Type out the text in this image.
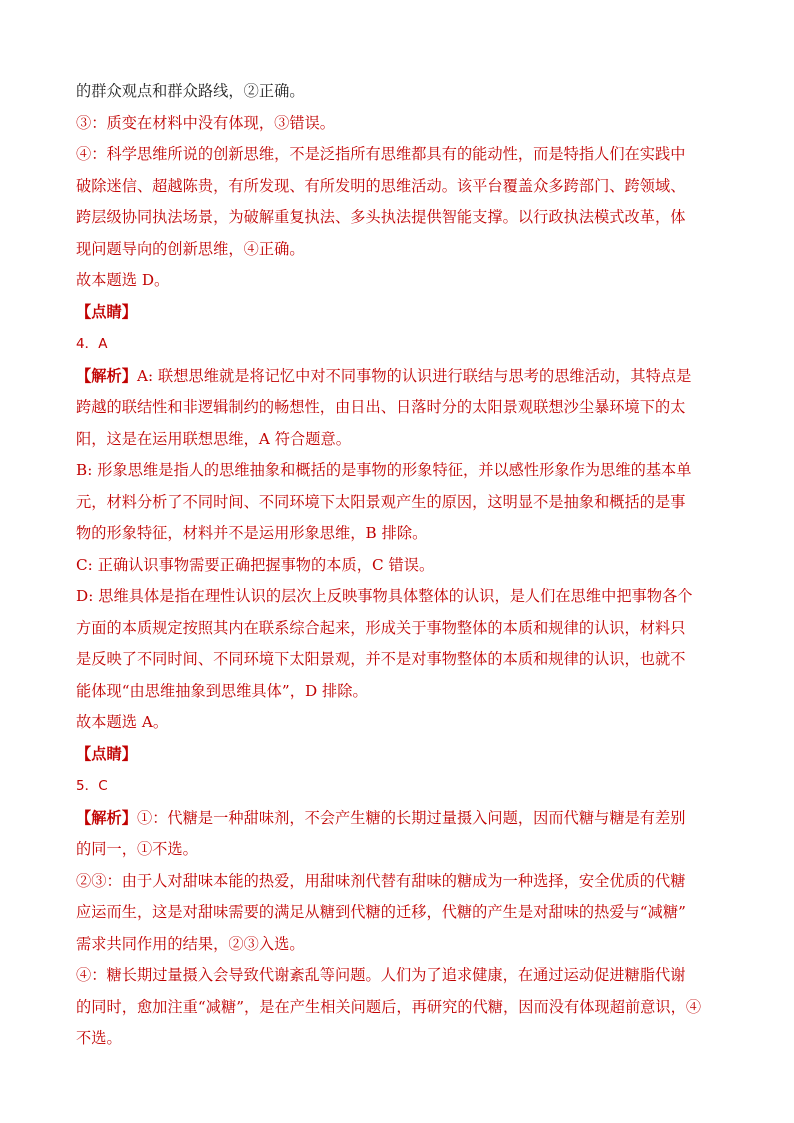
的群众观点和群众路线，②正确。
③：质变在材料中没有体现，③错误。
④：科学思维所说的创新思维，不是泛指所有思维都具有的能动性，而是特指人们在实践中
破除迷信、超越陈贵，有所发现、有所发明的思维活动。该平台覆盖众多跨部门、跨领域、
跨层级协同执法场景，为破解重复执法、多头执法提供智能支撑。以行政执法模式改革，体
现问题导向的创新思维，④正确。
故本题选 D。
【点睛】
4．A
【解析】A: 联想思维就是将记忆中对不同事物的认识进行联结与思考的思维活动，其特点是
跨越的联结性和非逻辑制约的畅想性，由日出、日落时分的太阳景观联想沙尘暴环境下的太
阳，这是在运用联想思维，A 符合题意。
B: 形象思维是指人的思维抽象和概括的是事物的形象特征，并以感性形象作为思维的基本单
元，材料分析了不同时间、不同环境下太阳景观产生的原因，这明显不是抽象和概括的是事
物的形象特征，材料并不是运用形象思维，B 排除。
C: 正确认识事物需要正确把握事物的本质，C 错误。
D: 思维具体是指在理性认识的层次上反映事物具体整体的认识，是人们在思维中把事物各个
方面的本质规定按照其内在联系综合起来，形成关于事物整体的本质和规律的认识，材料只
是反映了不同时间、不同环境下太阳景观，并不是对事物整体的本质和规律的认识，也就不
能体现“由思维抽象到思维具体”，D 排除。
故本题选 A。
【点睛】
5．C
【解析】①：代糖是一种甜味剂，不会产生糖的长期过量摄入问题，因而代糖与糖是有差别
的同一，①不选。
②③：由于人对甜味本能的热爱，用甜味剂代替有甜味的糖成为一种选择，安全优质的代糖
应运而生，这是对甜味需要的满足从糖到代糖的迁移，代糖的产生是对甜味的热爱与“减糖”
需求共同作用的结果，②③入选。
④：糖长期过量摄入会导致代谢紊乱等问题。人们为了追求健康，在通过运动促进糖脂代谢
的同时，愈加注重“减糖”，是在产生相关问题后，再研究的代糖，因而没有体现超前意识，④
不选。
